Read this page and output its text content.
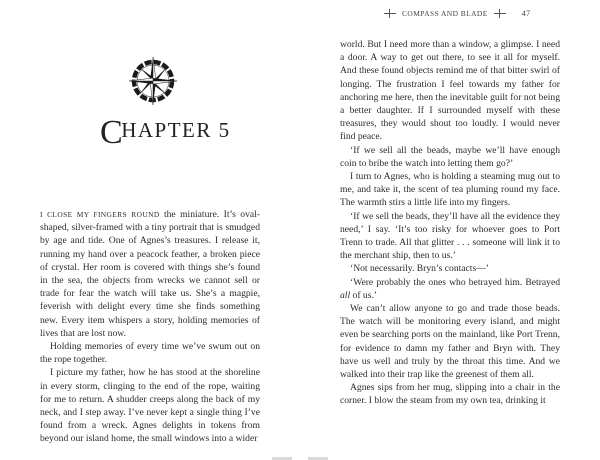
CHAPTER 5

I CLOSE MY FINGERS ROUND the miniature. It’s oval-shaped, silver-framed with a tiny portrait that is smudged by age and tide. One of Agnes’s treasures. I release it, running my hand over a peacock feather, a broken piece of crystal. Her room is covered with things she’s found in the sea, the objects from wrecks we cannot sell or trade for fear the watch will take us. She’s a magpie, feverish with delight every time she finds something new. Every item whispers a story, holding memories of lives that are lost now.

Holding memories of every time we’ve swum out on the rope together.

I picture my father, how he has stood at the shoreline in every storm, clinging to the end of the rope, waiting for me to return. A shudder creeps along the back of my neck, and I step away. I’ve never kept a single thing I’ve found from a wreck. Agnes delights in tokens from beyond our island home, the small windows into a wider

world. But I need more than a window, a glimpse. I need a door. A way to get out there, to see it all for myself. And these found objects remind me of that bitter swirl of longing. The frustration I feel towards my father for anchoring me here, then the inevitable guilt for not being a better daughter. If I surrounded myself with these treasures, they would shout too loudly. I would never find peace.

‘If we sell all the beads, maybe we’ll have enough coin to bribe the watch into letting them go?’

I turn to Agnes, who is holding a steaming mug out to me, and take it, the scent of tea pluming round my face. The warmth stirs a little life into my fingers.

‘If we sell the beads, they’ll have all the evidence they need,’ I say. ‘It’s too risky for whoever goes to Port Trenn to trade. All that glitter . . . someone will link it to the merchant ship, then to us.’

‘Not necessarily. Bryn’s contacts—’

‘Were probably the ones who betrayed him. Betrayed all of us.’

We can’t allow anyone to go and trade those beads. The watch will be monitoring every island, and might even be searching ports on the mainland, like Port Trenn, for evidence to damn my father and Bryn with. They have us well and truly by the throat this time. And we walked into their trap like the greenest of them all.

Agnes sips from her mug, slipping into a chair in the corner. I blow the steam from my own tea, drinking it

COMPASS AND BLADE	47
